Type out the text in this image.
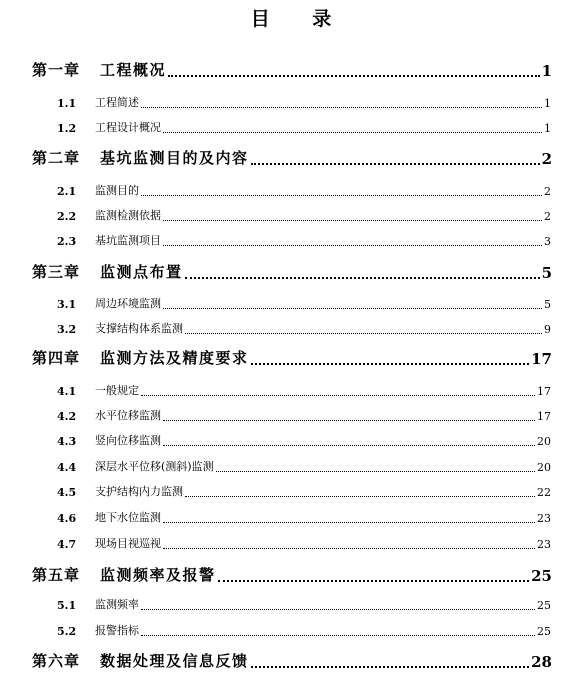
目 录
第一章	工程概况	1
1.1	工程简述	1
1.2	工程设计概况	1
第二章	基坑监测目的及内容	2
2.1	监测目的	2
2.2	监测检测依据	2
2.3	基坑监测项目	3
第三章	监测点布置	5
3.1	周边环境监测	5
3.2	支撑结构体系监测	9
第四章	监测方法及精度要求	17
4.1	一般规定	17
4.2	水平位移监测	17
4.3	竖向位移监测	20
4.4	深层水平位移(测斜)监测	20
4.5	支护结构内力监测	22
4.6	地下水位监测	23
4.7	现场目视巡视	23
第五章	监测频率及报警	25
5.1	监测频率	25
5.2	报警指标	25
第六章	数据处理及信息反馈	28
